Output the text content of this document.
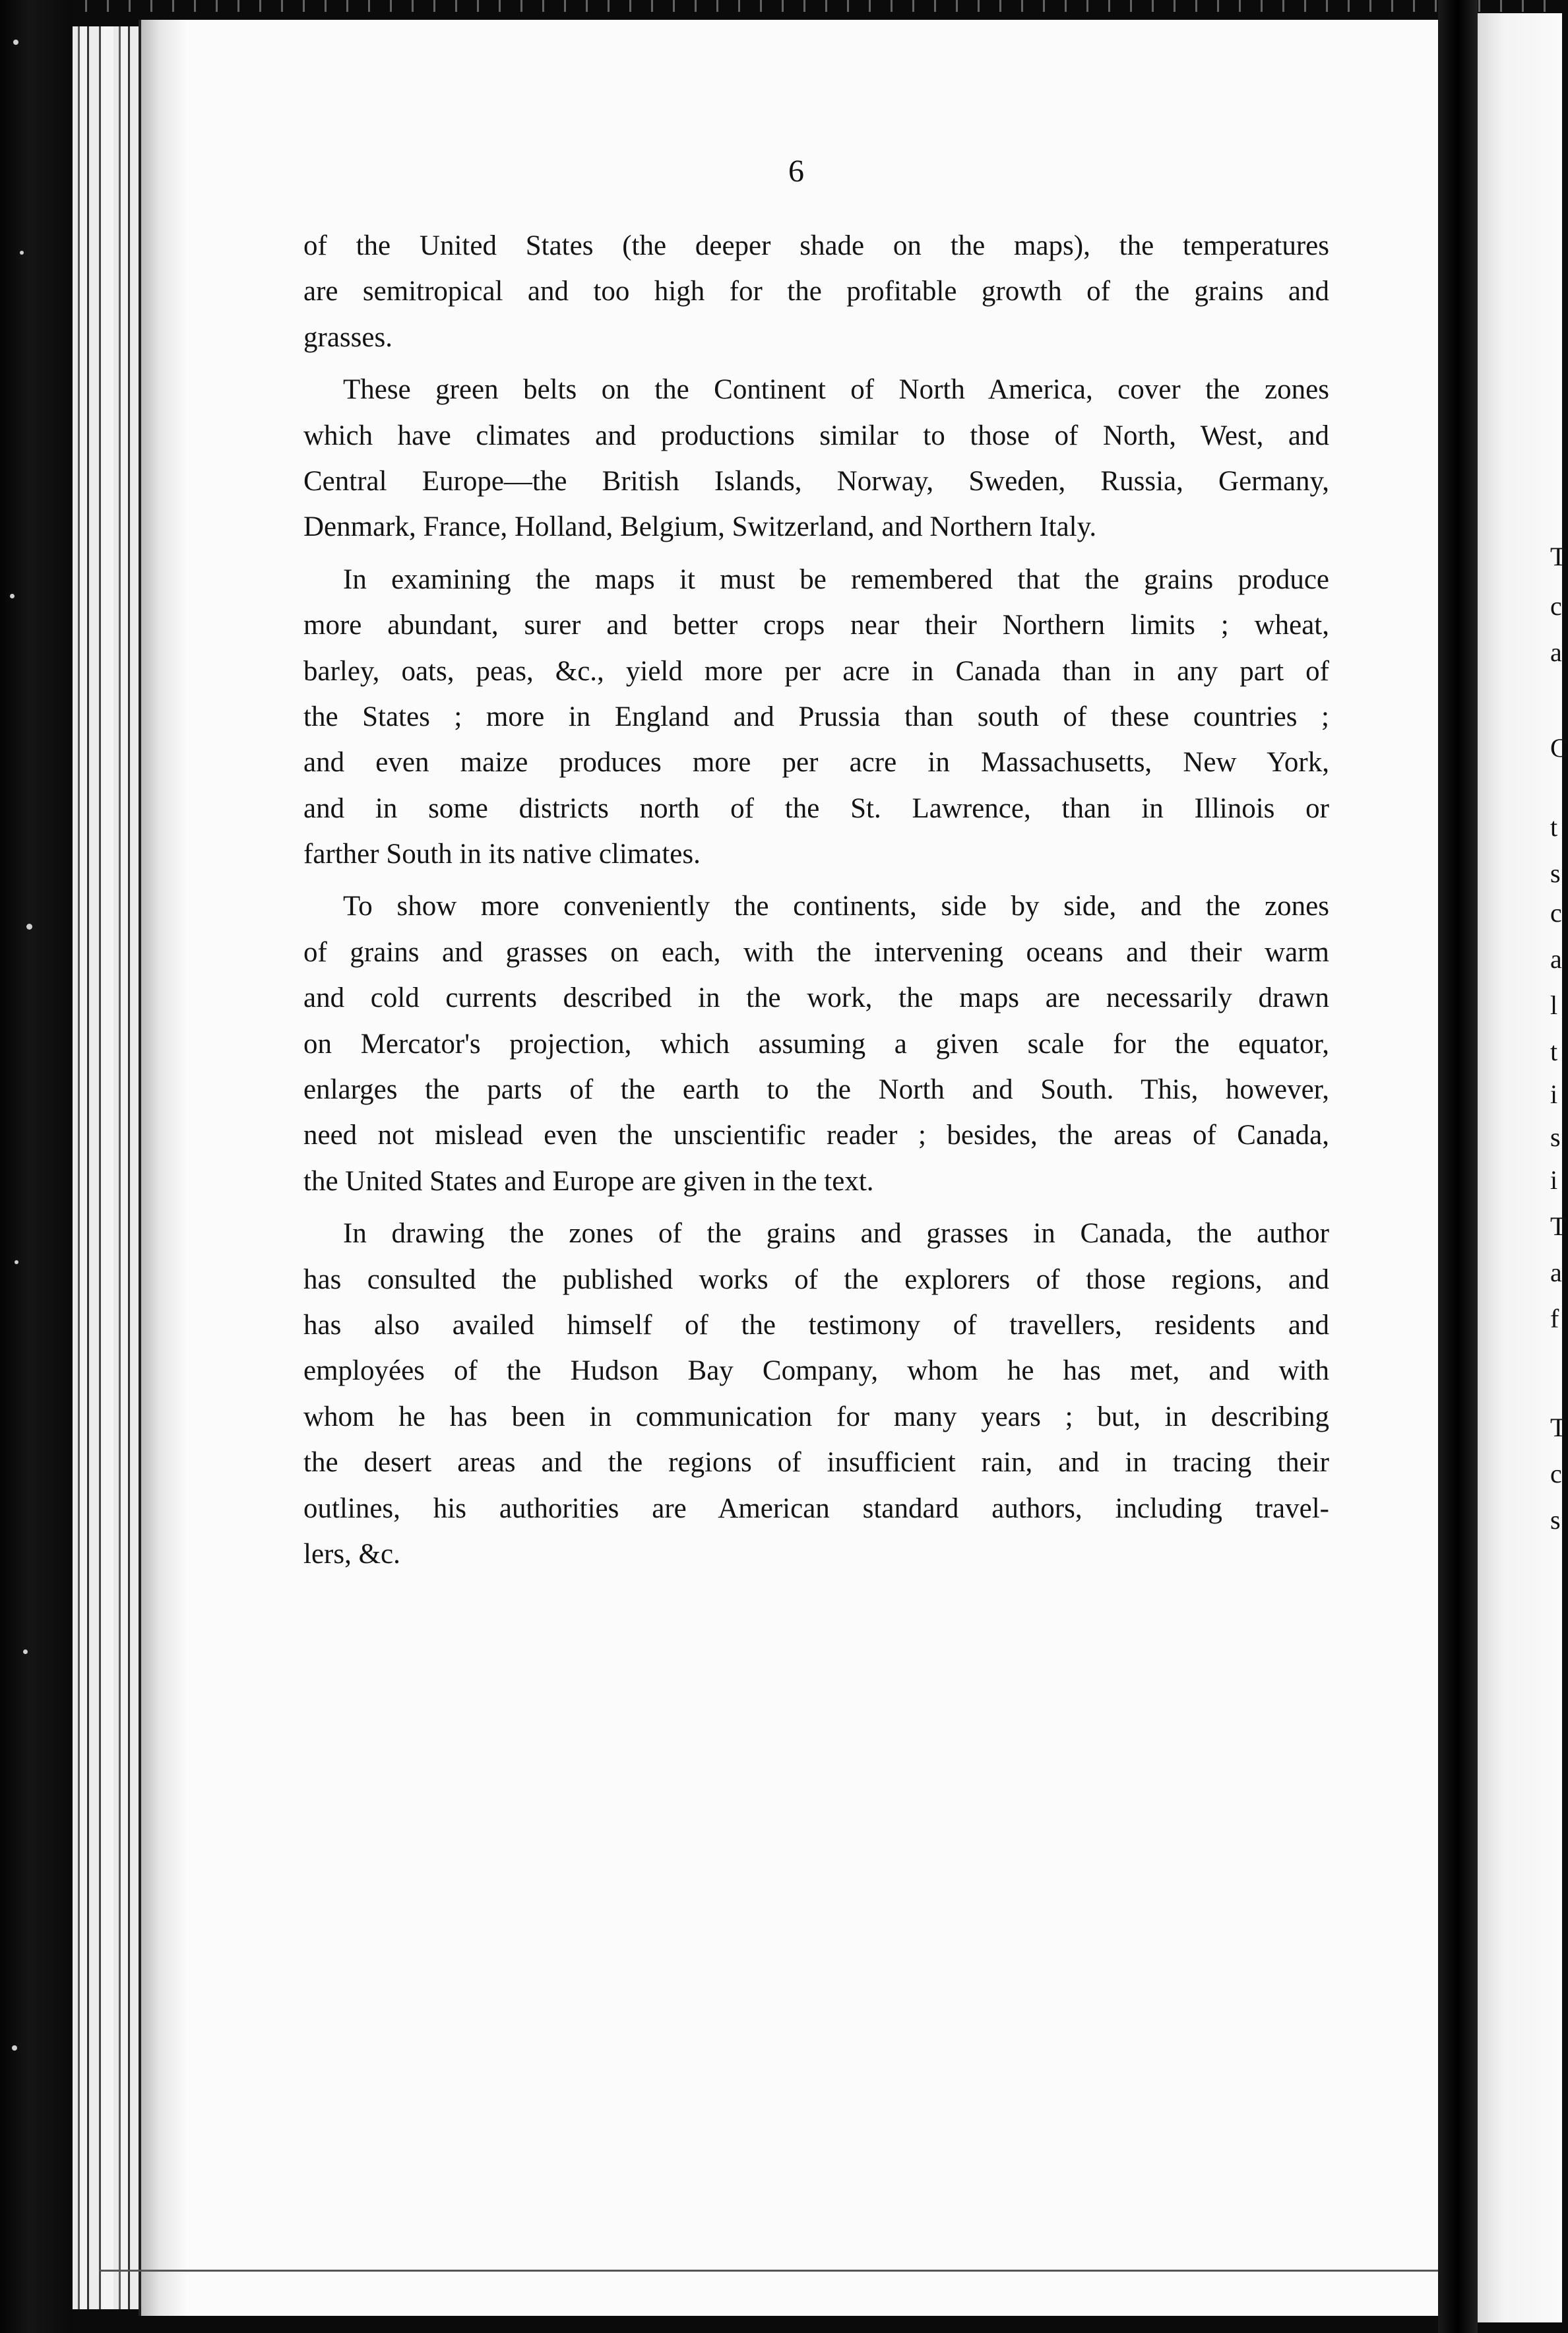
T
c
a
C
t
s
c
a
l
t
i
s
i
T
a
f
T
c
s
6
of the United States (the deeper shade on the maps), the temperatures
are semitropical and too high for the profitable growth of the grains and
grasses.
These green belts on the Continent of North America, cover the zones
which have climates and productions similar to those of North, West, and
Central Europe—the British Islands, Norway, Sweden, Russia, Germany,
Denmark, France, Holland, Belgium, Switzerland, and Northern Italy.
In examining the maps it must be remembered that the grains produce
more abundant, surer and better crops near their Northern limits ; wheat,
barley, oats, peas, &c., yield more per acre in Canada than in any part of
the States ; more in England and Prussia than south of these countries ;
and even maize produces more per acre in Massachusetts, New York,
and in some districts north of the St. Lawrence, than in Illinois or
farther South in its native climates.
To show more conveniently the continents, side by side, and the zones
of grains and grasses on each, with the intervening oceans and their warm
and cold currents described in the work, the maps are necessarily drawn
on Mercator's projection, which assuming a given scale for the equator,
enlarges the parts of the earth to the North and South. This, however,
need not mislead even the unscientific reader ; besides, the areas of Canada,
the United States and Europe are given in the text.
In drawing the zones of the grains and grasses in Canada, the author
has consulted the published works of the explorers of those regions, and
has also availed himself of the testimony of travellers, residents and
employées of the Hudson Bay Company, whom he has met, and with
whom he has been in communication for many years ; but, in describing
the desert areas and the regions of insufficient rain, and in tracing their
outlines, his authorities are American standard authors, including travel-
lers, &c.
